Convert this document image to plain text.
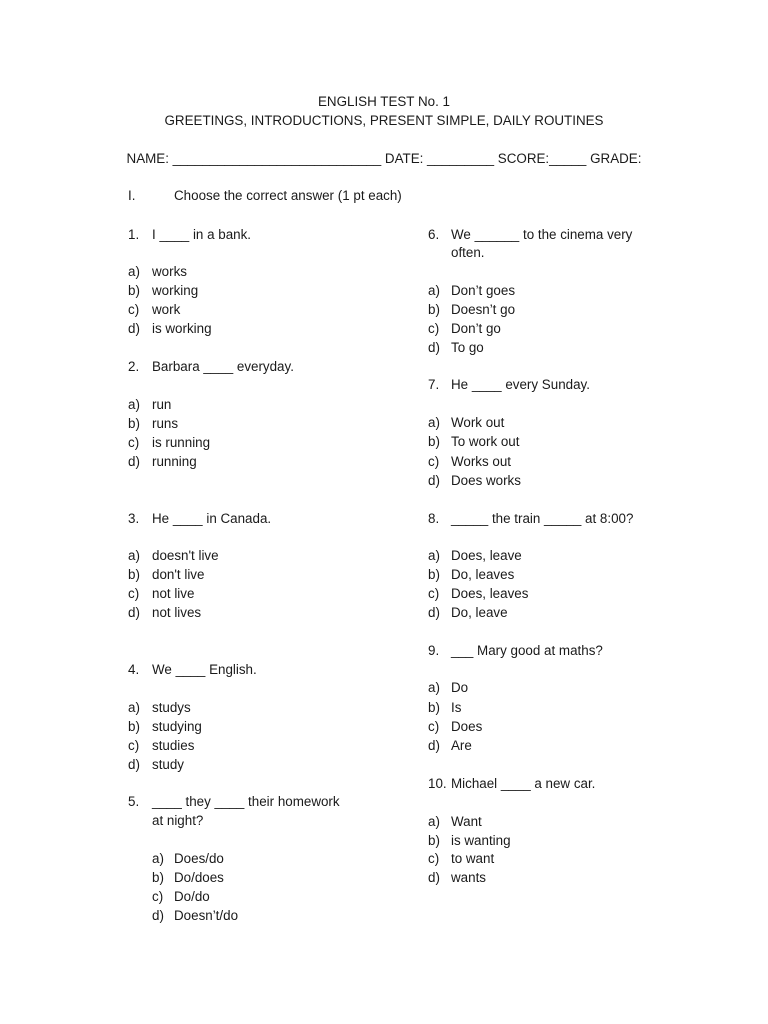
ENGLISH TEST No. 1
GREETINGS, INTRODUCTIONS, PRESENT SIMPLE, DAILY ROUTINES
NAME: ____________________________ DATE: _________ SCORE:_____ GRADE:
I.	Choose the correct answer (1 pt each)
1. I ____ in a bank.
a) works
b) working
c) work
d) is working
2. Barbara ____ everyday.
a) run
b) runs
c) is running
d) running
3. He ____ in Canada.
a) doesn't live
b) don't live
c) not live
d) not lives
4. We ____ English.
a) studys
b) studying
c) studies
d) study
5. ____ they ____ their homework
at night?
a) Does/do
b) Do/does
c) Do/do
d) Doesn’t/do
6. We ______ to the cinema very
often.
a) Don’t goes
b) Doesn’t go
c) Don’t go
d) To go
7. He ____ every Sunday.
a) Work out
b) To work out
c) Works out
d) Does works
8. _____ the train _____ at 8:00?
a) Does, leave
b) Do, leaves
c) Does, leaves
d) Do, leave
9. ___ Mary good at maths?
a) Do
b) Is
c) Does
d) Are
10. Michael ____ a new car.
a) Want
b) is wanting
c) to want
d) wants
